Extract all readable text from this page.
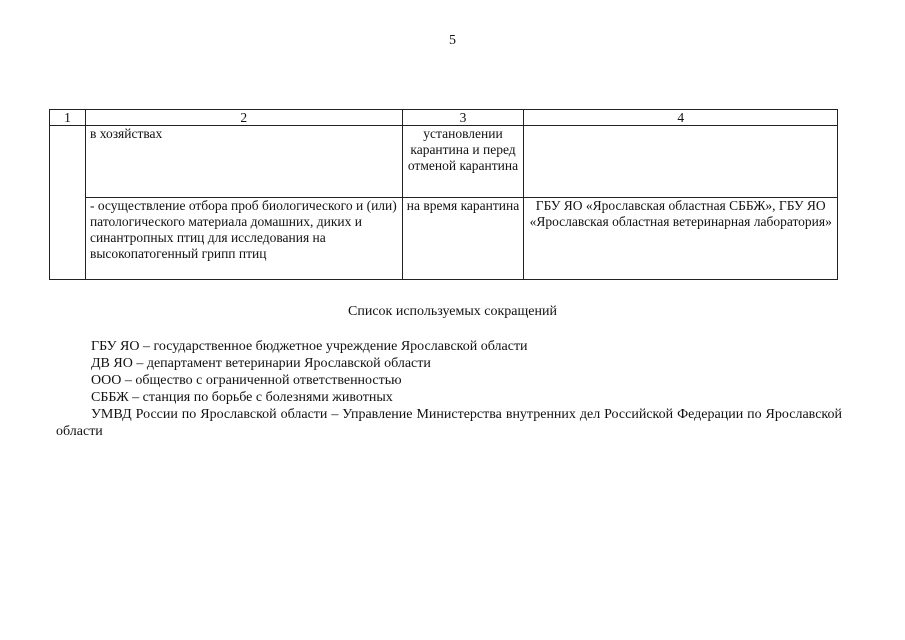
5
1	2	3	4
	в хозяйствах	установлении карантина и перед отменой карантина	
	- осуществление отбора проб биологического и (или) патологического материала домашних, диких и синантропных птиц для исследования на высокопатогенный грипп птиц	на время карантина	ГБУ ЯО «Ярославская областная СББЖ», ГБУ ЯО «Ярославская областная ветеринарная лаборатория»
Список используемых сокращений
ГБУ ЯО – государственное бюджетное учреждение Ярославской области
ДВ ЯО – департамент ветеринарии Ярославской области
ООО – общество с ограниченной ответственностью
СББЖ – станция по борьбе с болезнями животных
УМВД России по Ярославской области – Управление Министерства внутренних дел Российской Федерации по Ярославской области
